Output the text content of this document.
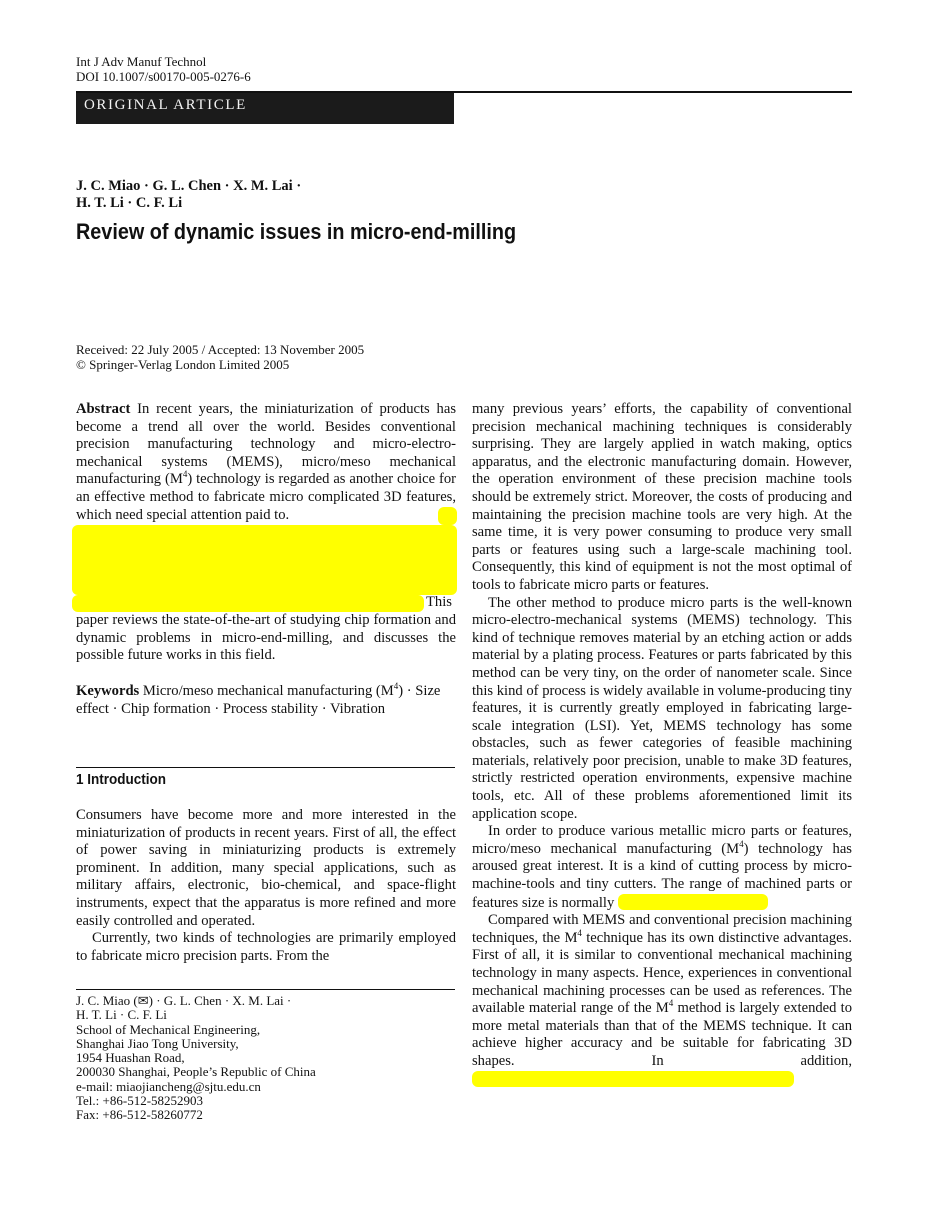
Int J Adv Manuf Technol
DOI 10.1007/s00170-005-0276-6
ORIGINAL ARTICLE
J. C. Miao · G. L. Chen · X. M. Lai ·
H. T. Li · C. F. Li
Review of dynamic issues in micro-end-milling
Received: 22 July 2005 / Accepted: 13 November 2005
© Springer-Verlag London Limited 2005

Abstract In recent years, the miniaturization of products has become a trend all over the world. Besides conventional precision manufacturing technology and micro-electro-mechanical systems (MEMS), micro/meso mechanical manufacturing $(M^4)$ technology is regarded as another choice for an effective method to fabricate micro complicated 3D features, which need special attention paid to.

This

paper reviews the state-of-the-art of studying chip formation and dynamic problems in micro-end-milling, and discusses the possible future works in this field.

Keywords Micro/meso mechanical manufacturing $(M^4)$ · Size effect · Chip formation · Process stability · Vibration

1 Introduction

Consumers have become more and more interested in the miniaturization of products in recent years. First of all, the effect of power saving in miniaturizing products is extremely prominent. In addition, many special applications, such as military affairs, electronic, bio-chemical, and space-flight instruments, expect that the apparatus is more refined and more easily controlled and operated.

Currently, two kinds of technologies are primarily employed to fabricate micro precision parts. From the

J. C. Miao (✉) · G. L. Chen · X. M. Lai ·
H. T. Li · C. F. Li
School of Mechanical Engineering,
Shanghai Jiao Tong University,
1954 Huashan Road,
200030 Shanghai, People’s Republic of China
e-mail: miaojiancheng@sjtu.edu.cn
Tel.: +86-512-58252903
Fax: +86-512-58260772

many previous years’ efforts, the capability of conventional precision mechanical machining techniques is considerably surprising. They are largely applied in watch making, optics apparatus, and the electronic manufacturing domain. However, the operation environment of these precision machine tools should be extremely strict. Moreover, the costs of producing and maintaining the precision machine tools are very high. At the same time, it is very power consuming to produce very small parts or features using such a large-scale machining tool. Consequently, this kind of equipment is not the most optimal of tools to fabricate micro parts or features.

The other method to produce micro parts is the well-known micro-electro-mechanical systems (MEMS) technology. This kind of technique removes material by an etching action or adds material by a plating process. Features or parts fabricated by this method can be very tiny, on the order of nanometer scale. Since this kind of process is widely available in volume-producing tiny features, it is currently greatly employed in fabricating large-scale integration (LSI). Yet, MEMS technology has some obstacles, such as fewer categories of feasible machining materials, relatively poor precision, unable to make 3D features, strictly restricted operation environments, expensive machine tools, etc. All of these problems aforementioned limit its application scope.

In order to produce various metallic micro parts or features, micro/meso mechanical manufacturing $(M^4)$ technology has aroused great interest. It is a kind of cutting process by micro-machine-tools and tiny cutters. The range of machined parts or features size is normally

Compared with MEMS and conventional precision machining techniques, the $M^4$ technique has its own distinctive advantages. First of all, it is similar to conventional mechanical machining technology in many aspects. Hence, experiences in conventional mechanical machining processes can be used as references. The available material range of the $M^4$ method is largely extended to more metal materials than that of the MEMS technique. It can achieve higher accuracy and be suitable for fabricating 3D shapes. In addition,
